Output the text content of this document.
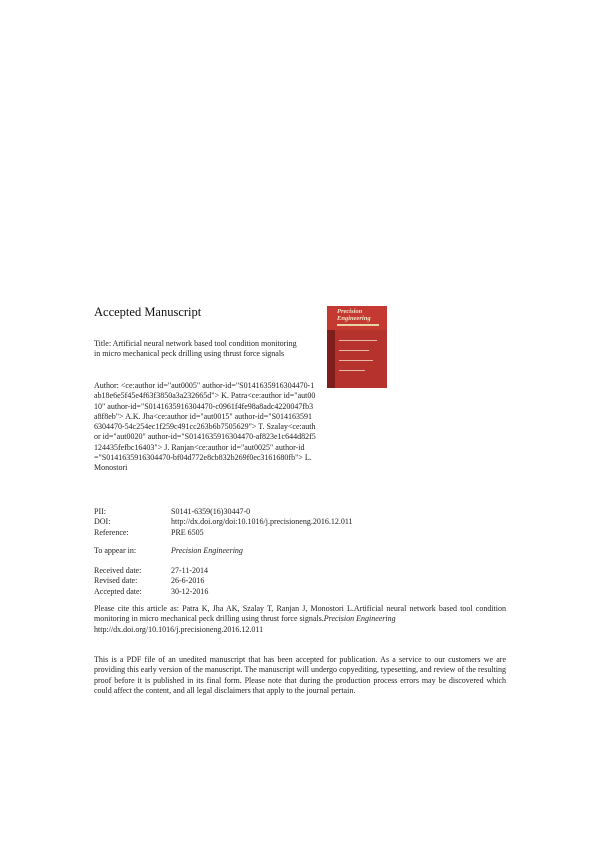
Accepted Manuscript	Precision
Engineering
Title: Artificial neural network based tool condition monitoring in micro mechanical peck drilling using thrust force signals
Author: <ce:author id="aut0005" author-id="S0141635916304470-1ab18e6e5f45e4f63f3850a3a232665d"> K. Patra<ce:author id="aut0010" author-id="S0141635916304470-c0961f4fe98a8adc4220047fb3a8f8eb"> A.K. Jha<ce:author id="aut0015" author-id="S0141635916304470-54c254ec1f259c491cc263b6b7505629"> T. Szalay<ce:author id="aut0020" author-id="S0141635916304470-af823e1c644d82f5124435fefbc16403"> J. Ranjan<ce:author id="aut0025" author-id="S0141635916304470-bf04d772e8cb832b269f0ec3161680fb"> L. Monostori
PII:	S0141-6359(16)30447-0
DOI:	http://dx.doi.org/doi:10.1016/j.precisioneng.2016.12.011
Reference:	PRE 6505
To appear in:	Precision Engineering
Received date:	27-11-2014
Revised date:	26-6-2016
Accepted date:	30-12-2016
Please cite this article as: Patra K, Jha AK, Szalay T, Ranjan J, Monostori L.Artificial neural network based tool condition monitoring in micro mechanical peck drilling using thrust force signals.Precision Engineering
http://dx.doi.org/10.1016/j.precisioneng.2016.12.011
This is a PDF file of an unedited manuscript that has been accepted for publication. As a service to our customers we are providing this early version of the manuscript. The manuscript will undergo copyediting, typesetting, and review of the resulting proof before it is published in its final form. Please note that during the production process errors may be discovered which could affect the content, and all legal disclaimers that apply to the journal pertain.
